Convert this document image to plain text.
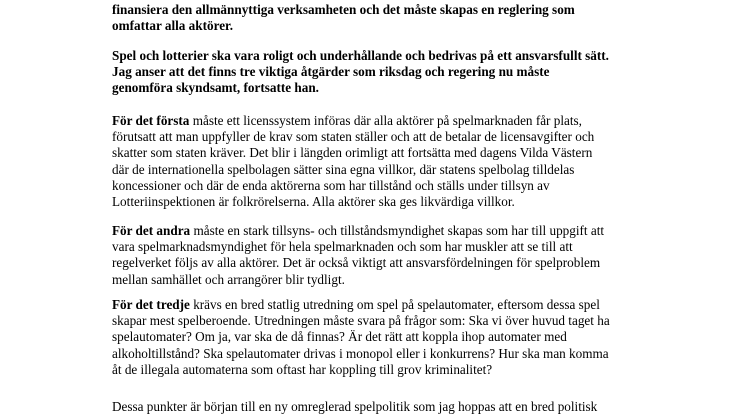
finansiera den allmännyttiga verksamheten och det måste skapas en reglering som
omfattar alla aktörer.
Spel och lotterier ska vara roligt och underhållande och bedrivas på ett ansvarsfullt sätt.
Jag anser att det finns tre viktiga åtgärder som riksdag och regering nu måste
genomföra skyndsamt, fortsatte han.
För det första måste ett licenssystem införas där alla aktörer på spelmarknaden får plats,
förutsatt att man uppfyller de krav som staten ställer och att de betalar de licensavgifter och
skatter som staten kräver. Det blir i längden orimligt att fortsätta med dagens Vilda Västern
där de internationella spelbolagen sätter sina egna villkor, där statens spelbolag tilldelas
koncessioner och där de enda aktörerna som har tillstånd och ställs under tillsyn av
Lotteriinspektionen är folkrörelserna. Alla aktörer ska ges likvärdiga villkor.
För det andra måste en stark tillsyns- och tillståndsmyndighet skapas som har till uppgift att
vara spelmarknadsmyndighet för hela spelmarknaden och som har muskler att se till att
regelverket följs av alla aktörer. Det är också viktigt att ansvarsfördelningen för spelproblem
mellan samhället och arrangörer blir tydligt.
För det tredje krävs en bred statlig utredning om spel på spelautomater, eftersom dessa spel
skapar mest spelberoende. Utredningen måste svara på frågor som: Ska vi över huvud taget ha
spelautomater? Om ja, var ska de då finnas? Är det rätt att koppla ihop automater med
alkoholtillstånd? Ska spelautomater drivas i monopol eller i konkurrens? Hur ska man komma
åt de illegala automaterna som oftast har koppling till grov kriminalitet?
Dessa punkter är början till en ny omreglerad spelpolitik som jag hoppas att en bred politisk
